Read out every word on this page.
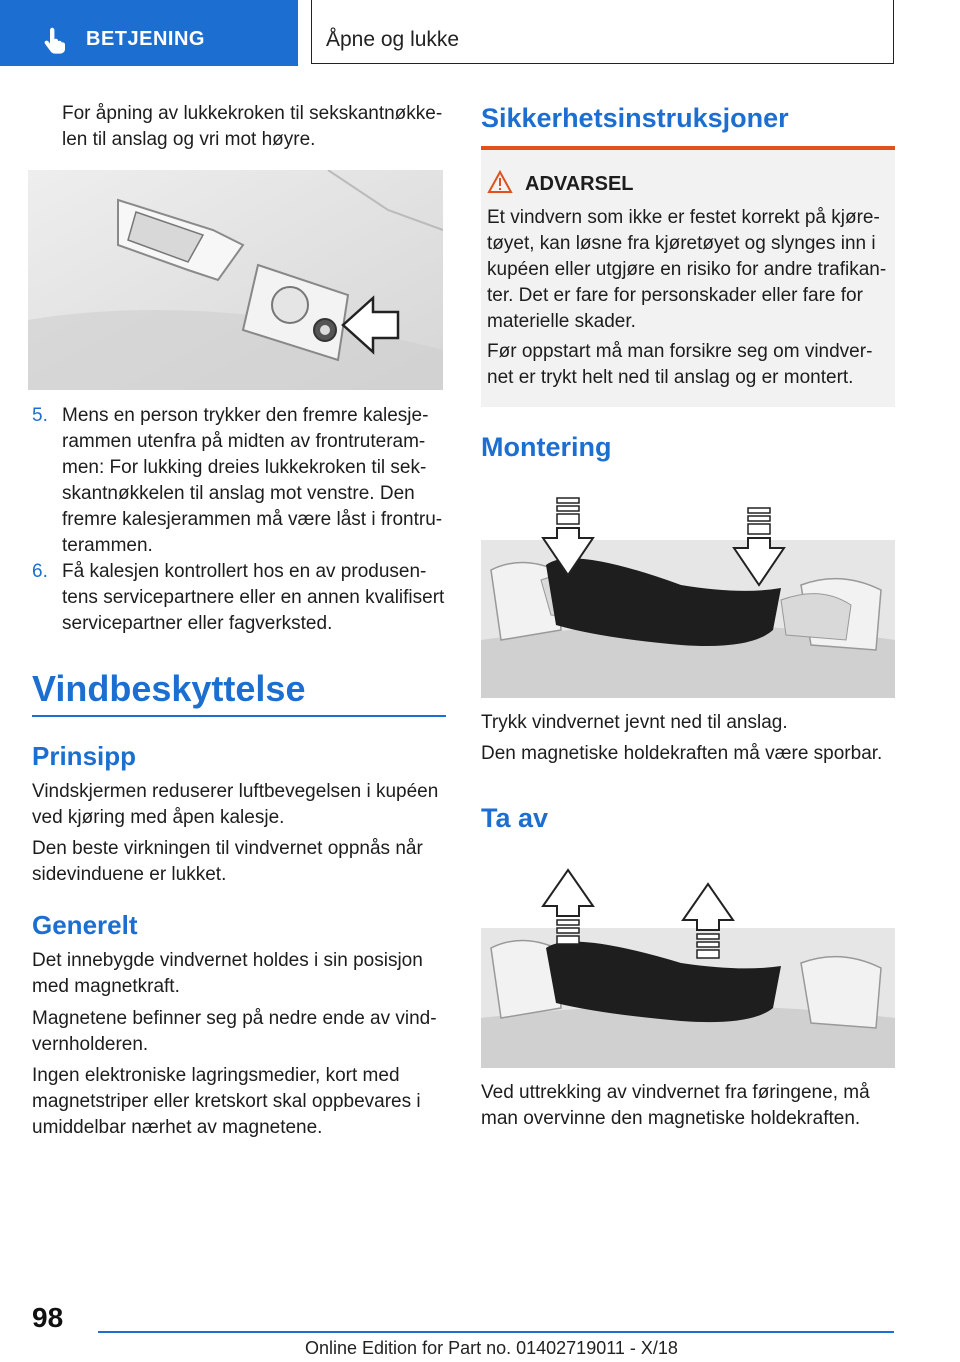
BETJENING	Åpne og lukke
For åpning av lukkekroken til sekskantnøkke-
len til anslag og vri mot høyre.
5. Mens en person trykker den fremre kalesje-
rammen utenfra på midten av frontruteram-
men: For lukking dreies lukkekroken til sek-
skantnøkkelen til anslag mot venstre. Den
fremre kalesjerammen må være låst i frontru-
terammen.
6. Få kalesjen kontrollert hos en av produsen-
tens servicepartnere eller en annen kvalifisert
servicepartner eller fagverksted.
Vindbeskyttelse
Prinsipp
Vindskjermen reduserer luftbevegelsen i kupéen
ved kjøring med åpen kalesje.
Den beste virkningen til vindvernet oppnås når
sidevinduene er lukket.
Generelt
Det innebygde vindvernet holdes i sin posisjon
med magnetkraft.
Magnetene befinner seg på nedre ende av vind-
vernholderen.
Ingen elektroniske lagringsmedier, kort med
magnetstriper eller kretskort skal oppbevares i
umiddelbar nærhet av magnetene.
Sikkerhetsinstruksjoner
ADVARSEL
Et vindvern som ikke er festet korrekt på kjøre-
tøyet, kan løsne fra kjøretøyet og slynges inn i
kupéen eller utgjøre en risiko for andre trafikan-
ter. Det er fare for personskader eller fare for
materielle skader.
Før oppstart må man forsikre seg om vindver-
net er trykt helt ned til anslag og er montert.
Montering
Trykk vindvernet jevnt ned til anslag.
Den magnetiske holdekraften må være sporbar.
Ta av
Ved uttrekking av vindvernet fra føringene, må
man overvinne den magnetiske holdekraften.
98
Online Edition for Part no. 01402719011 - X/18
